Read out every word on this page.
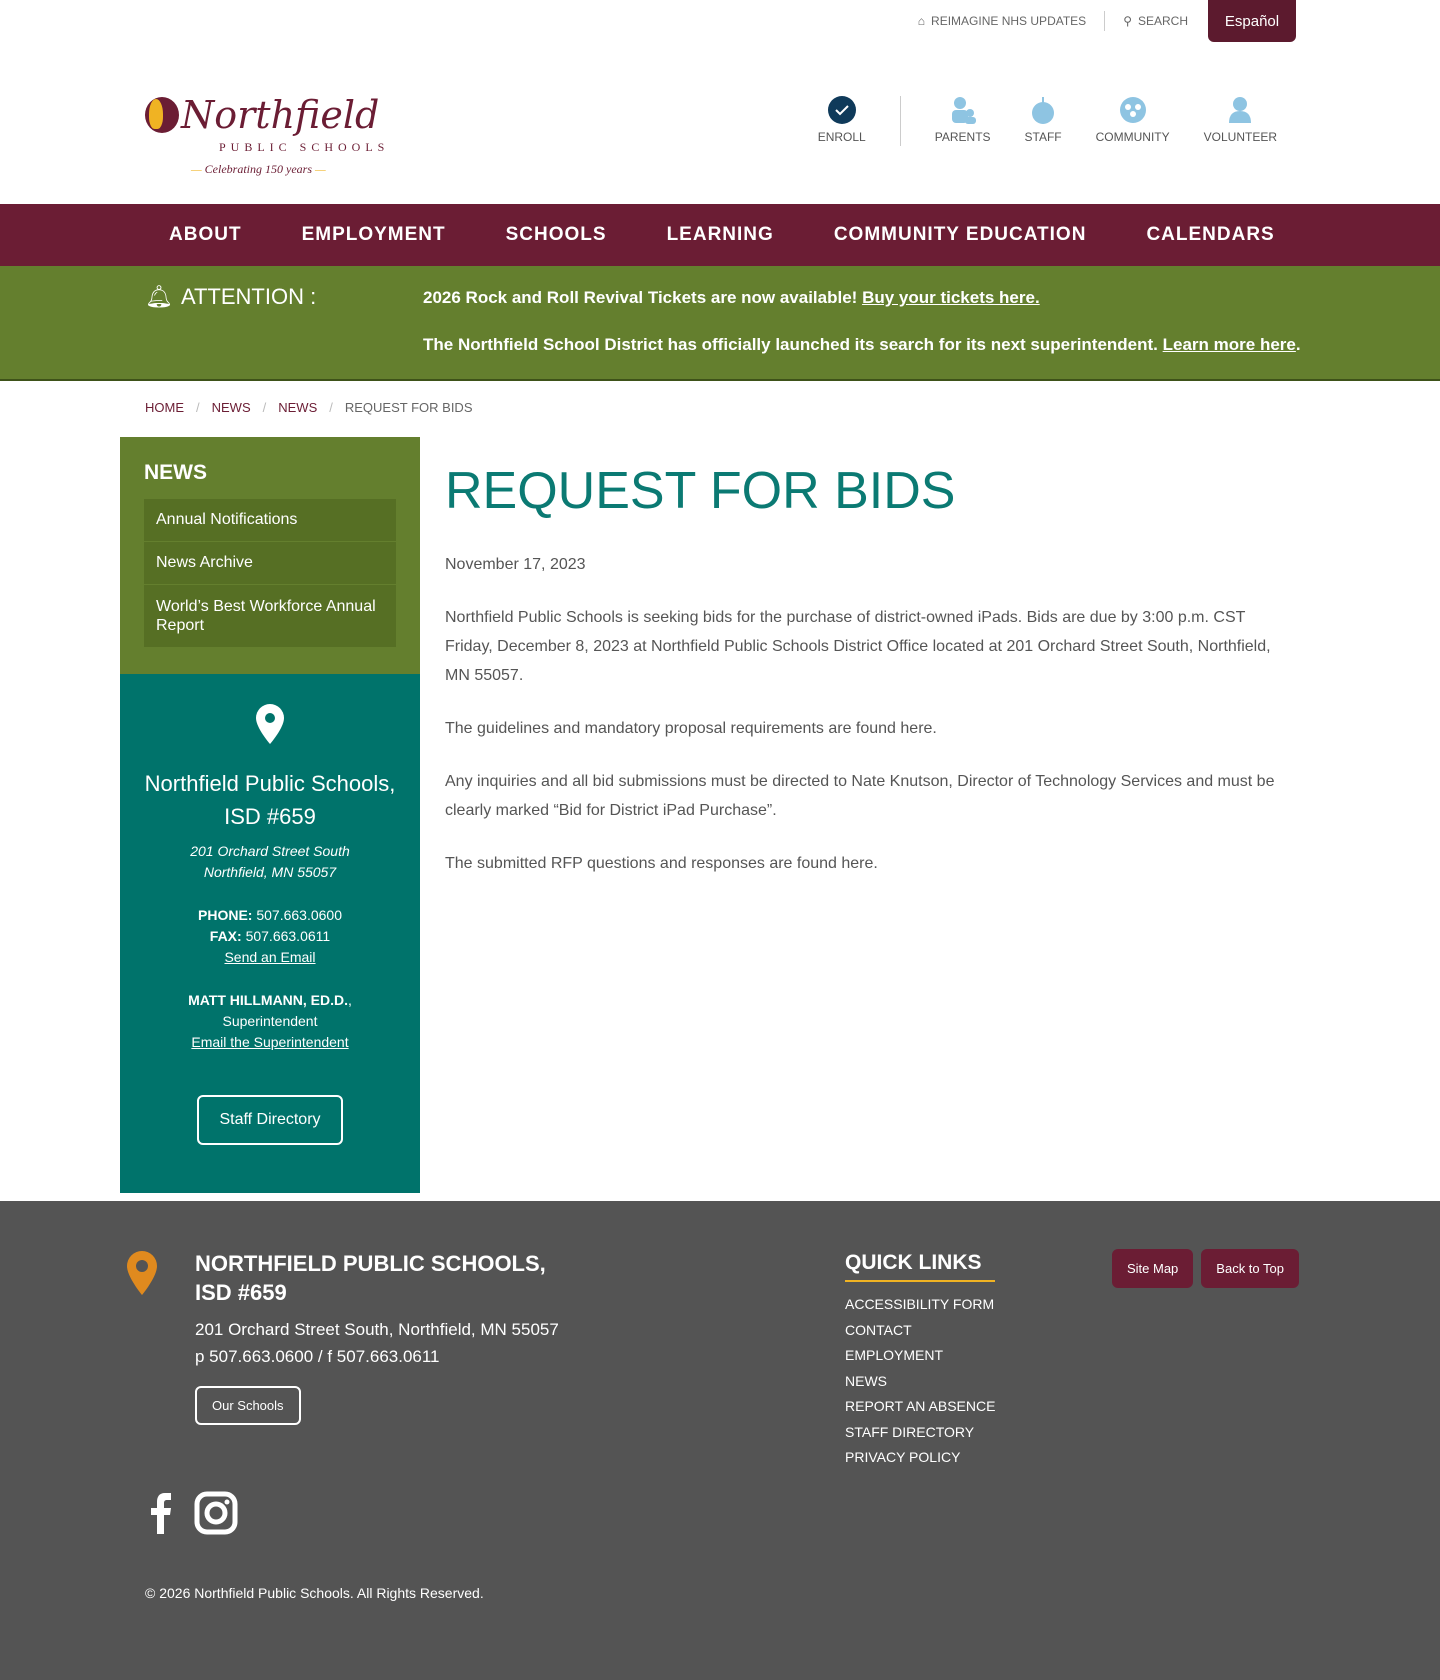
⌂ REIMAGINE NHS UPDATES	⚲ SEARCH	Español
Northfield
PUBLIC SCHOOLS
— Celebrating 150 years —
ENROLL	PARENTS	STAFF	COMMUNITY	VOLUNTEER
ABOUT	EMPLOYMENT	SCHOOLS	LEARNING	COMMUNITY EDUCATION	CALENDARS
🔔︎ ATTENTION :	2026 Rock and Roll Revival Tickets are now available! Buy your tickets here.

The Northfield School District has officially launched its search for its next superintendent. Learn more here.

HOME / NEWS / NEWS / REQUEST FOR BIDS
NEWS
Annual Notifications
News Archive
World’s Best Workforce Annual Report
Northfield Public Schools, ISD #659
201 Orchard Street South
Northfield, MN 55057
PHONE: 507.663.0600
FAX: 507.663.0611
Send an Email
MATT HILLMANN, ED.D.,
Superintendent
Email the Superintendent
Staff Directory
REQUEST FOR BIDS

November 17, 2023

Northfield Public Schools is seeking bids for the purchase of district-owned iPads. Bids are due by 3:00 p.m. CST Friday, December 8, 2023 at Northfield Public Schools District Office located at 201 Orchard Street South, Northfield, MN 55057.

The guidelines and mandatory proposal requirements are found here.

Any inquiries and all bid submissions must be directed to Nate Knutson, Director of Technology Services and must be clearly marked “Bid for District iPad Purchase”.

The submitted RFP questions and responses are found here.

NORTHFIELD PUBLIC SCHOOLS,
ISD #659
201 Orchard Street South, Northfield, MN 55057
p 507.663.0600 / f 507.663.0611
Our Schools
QUICK LINKS
ACCESSIBILITY FORM
CONTACT
EMPLOYMENT
NEWS
REPORT AN ABSENCE
STAFF DIRECTORY
PRIVACY POLICY
Site Map	Back to Top
© 2026 Northfield Public Schools. All Rights Reserved.
